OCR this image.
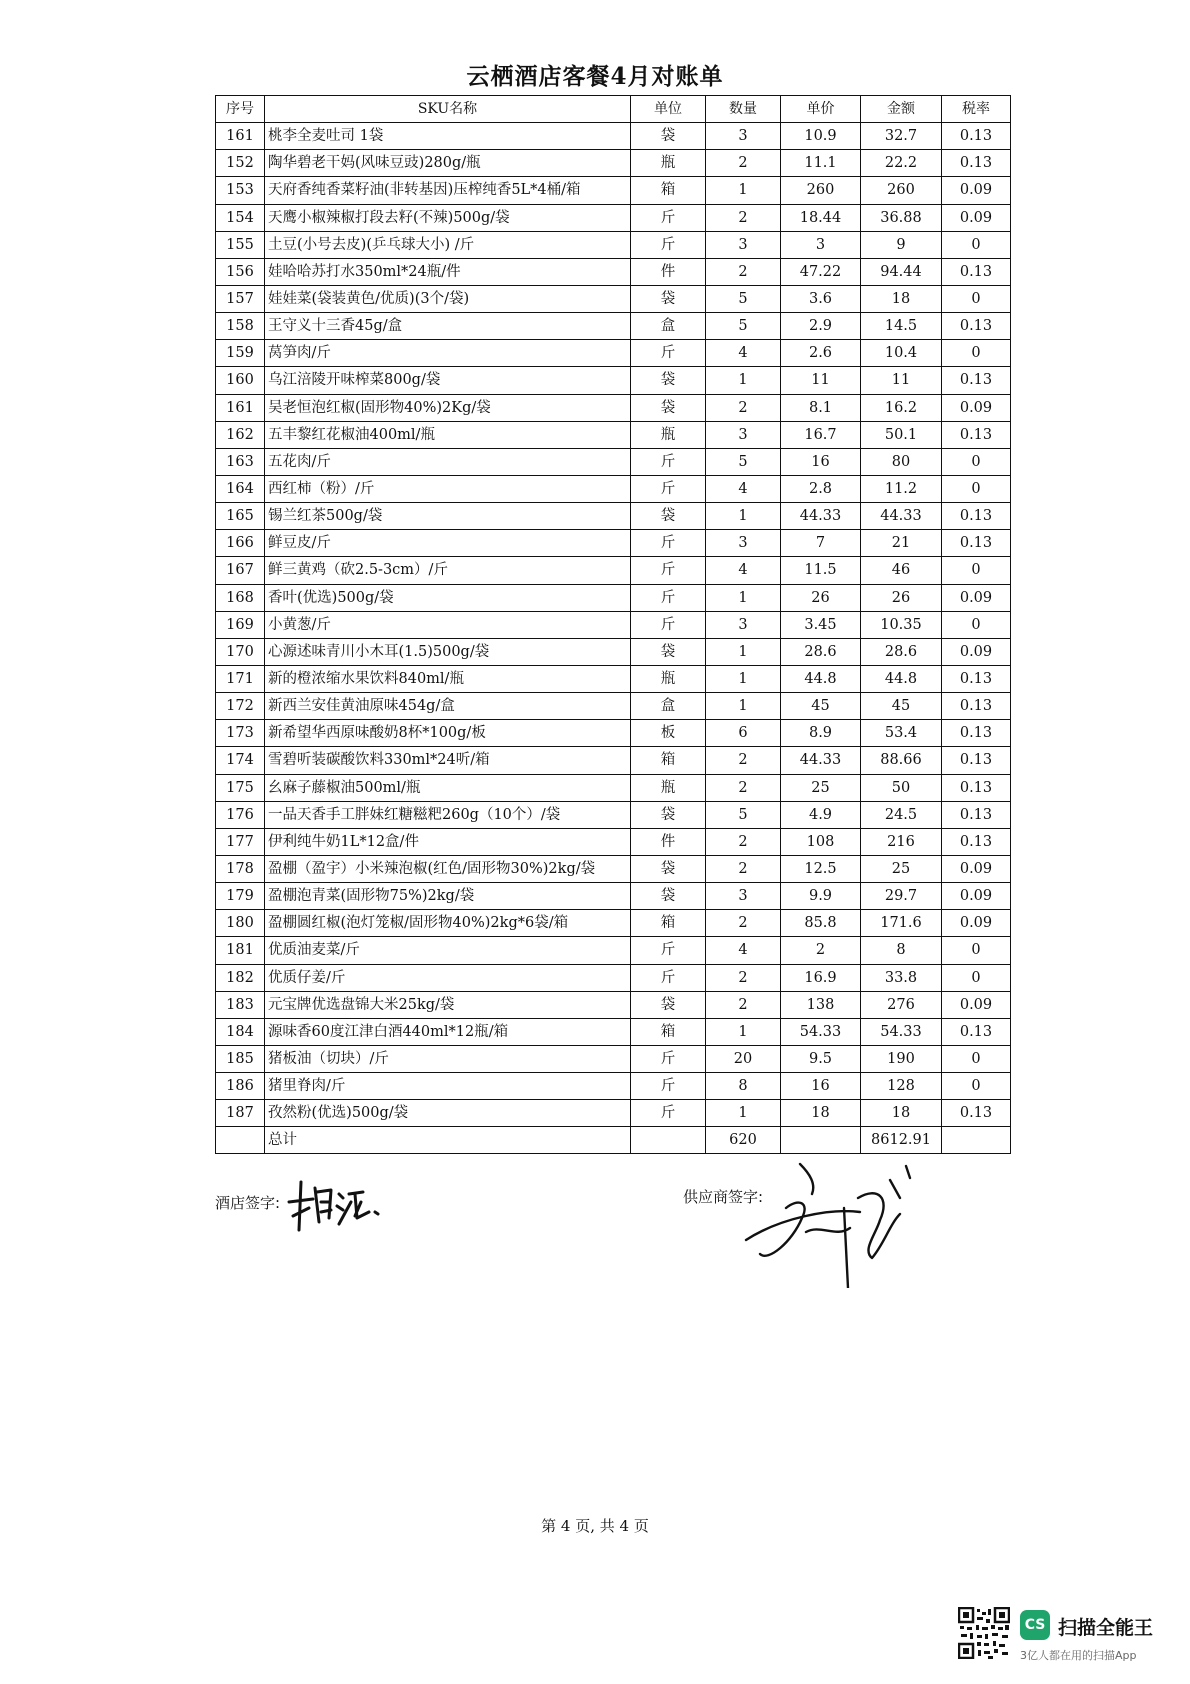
云栖酒店客餐4月对账单
序号	SKU名称	单位	数量	单价	金额	税率
161	桃李全麦吐司 1袋	袋	3	10.9	32.7	0.13
152	陶华碧老干妈(风味豆豉)280g/瓶	瓶	2	11.1	22.2	0.13
153	天府香纯香菜籽油(非转基因)压榨纯香5L*4桶/箱	箱	1	260	260	0.09
154	天鹰小椒辣椒打段去籽(不辣)500g/袋	斤	2	18.44	36.88	0.09
155	土豆(小号去皮)(乒乓球大小) /斤	斤	3	3	9	0
156	娃哈哈苏打水350ml*24瓶/件	件	2	47.22	94.44	0.13
157	娃娃菜(袋装黄色/优质)(3个/袋)	袋	5	3.6	18	0
158	王守义十三香45g/盒	盒	5	2.9	14.5	0.13
159	莴笋肉/斤	斤	4	2.6	10.4	0
160	乌江涪陵开味榨菜800g/袋	袋	1	11	11	0.13
161	吴老恒泡红椒(固形物40%)2Kg/袋	袋	2	8.1	16.2	0.09
162	五丰黎红花椒油400ml/瓶	瓶	3	16.7	50.1	0.13
163	五花肉/斤	斤	5	16	80	0
164	西红柿（粉）/斤	斤	4	2.8	11.2	0
165	锡兰红茶500g/袋	袋	1	44.33	44.33	0.13
166	鲜豆皮/斤	斤	3	7	21	0.13
167	鲜三黄鸡（砍2.5-3cm）/斤	斤	4	11.5	46	0
168	香叶(优选)500g/袋	斤	1	26	26	0.09
169	小黄葱/斤	斤	3	3.45	10.35	0
170	心源述味青川小木耳(1.5)500g/袋	袋	1	28.6	28.6	0.09
171	新的橙浓缩水果饮料840ml/瓶	瓶	1	44.8	44.8	0.13
172	新西兰安佳黄油原味454g/盒	盒	1	45	45	0.13
173	新希望华西原味酸奶8杯*100g/板	板	6	8.9	53.4	0.13
174	雪碧听装碳酸饮料330ml*24听/箱	箱	2	44.33	88.66	0.13
175	幺麻子藤椒油500ml/瓶	瓶	2	25	50	0.13
176	一品天香手工胖妹红糖糍粑260g（10个）/袋	袋	5	4.9	24.5	0.13
177	伊利纯牛奶1L*12盒/件	件	2	108	216	0.13
178	盈棚（盈宇）小米辣泡椒(红色/固形物30%)2kg/袋	袋	2	12.5	25	0.09
179	盈棚泡青菜(固形物75%)2kg/袋	袋	3	9.9	29.7	0.09
180	盈棚圆红椒(泡灯笼椒/固形物40%)2kg*6袋/箱	箱	2	85.8	171.6	0.09
181	优质油麦菜/斤	斤	4	2	8	0
182	优质仔姜/斤	斤	2	16.9	33.8	0
183	元宝牌优选盘锦大米25kg/袋	袋	2	138	276	0.09
184	源味香60度江津白酒440ml*12瓶/箱	箱	1	54.33	54.33	0.13
185	猪板油（切块）/斤	斤	20	9.5	190	0
186	猪里脊肉/斤	斤	8	16	128	0
187	孜然粉(优选)500g/袋	斤	1	18	18	0.13
	总计		620		8612.91	
酒店签字:	供应商签字:
第 4 页, 共 4 页
CS 扫描全能王
3亿人都在用的扫描App
